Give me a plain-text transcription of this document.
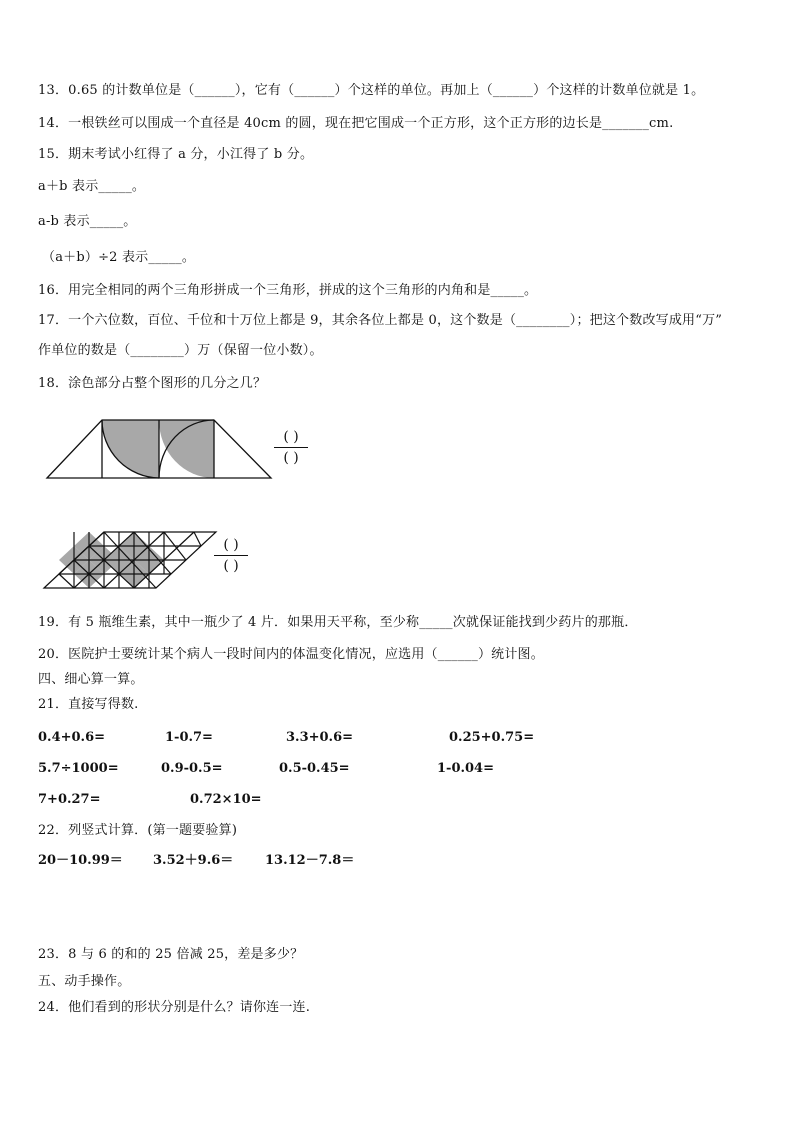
13．0.65 的计数单位是（______），它有（______）个这样的单位。再加上（______）个这样的计数单位就是 1。
14．一根铁丝可以围成一个直径是 40cm 的圆，现在把它围成一个正方形，这个正方形的边长是_______cm.
15．期末考试小红得了 a 分，小江得了 b 分。
a＋b 表示_____。
a-b 表示_____。
（a＋b）÷2 表示_____。
16．用完全相同的两个三角形拼成一个三角形，拼成的这个三角形的内角和是_____。
17．一个六位数，百位、千位和十万位上都是 9，其余各位上都是 0，这个数是（________）；把这个数改写成用“万”
作单位的数是（________）万（保留一位小数）。
18．涂色部分占整个图形的几分之几？
( )
( )
( )
( )
19．有 5 瓶维生素，其中一瓶少了 4 片．如果用天平称，至少称_____次就保证能找到少药片的那瓶．
20．医院护士要统计某个病人一段时间内的体温变化情况，应选用（______）统计图。
四、细心算一算。
21．直接写得数.
0.4+0.6=	1-0.7=	3.3+0.6=	0.25+0.75=
5.7÷1000=	0.9-0.5=	0.5-0.45=	1-0.04=
7+0.27=	0.72×10=
22．列竖式计算．(第一题要验算)
20－10.99＝ 3.52＋9.6＝ 13.12－7.8＝
23．8 与 6 的和的 25 倍减 25，差是多少？
五、动手操作。
24．他们看到的形状分别是什么？请你连一连.
